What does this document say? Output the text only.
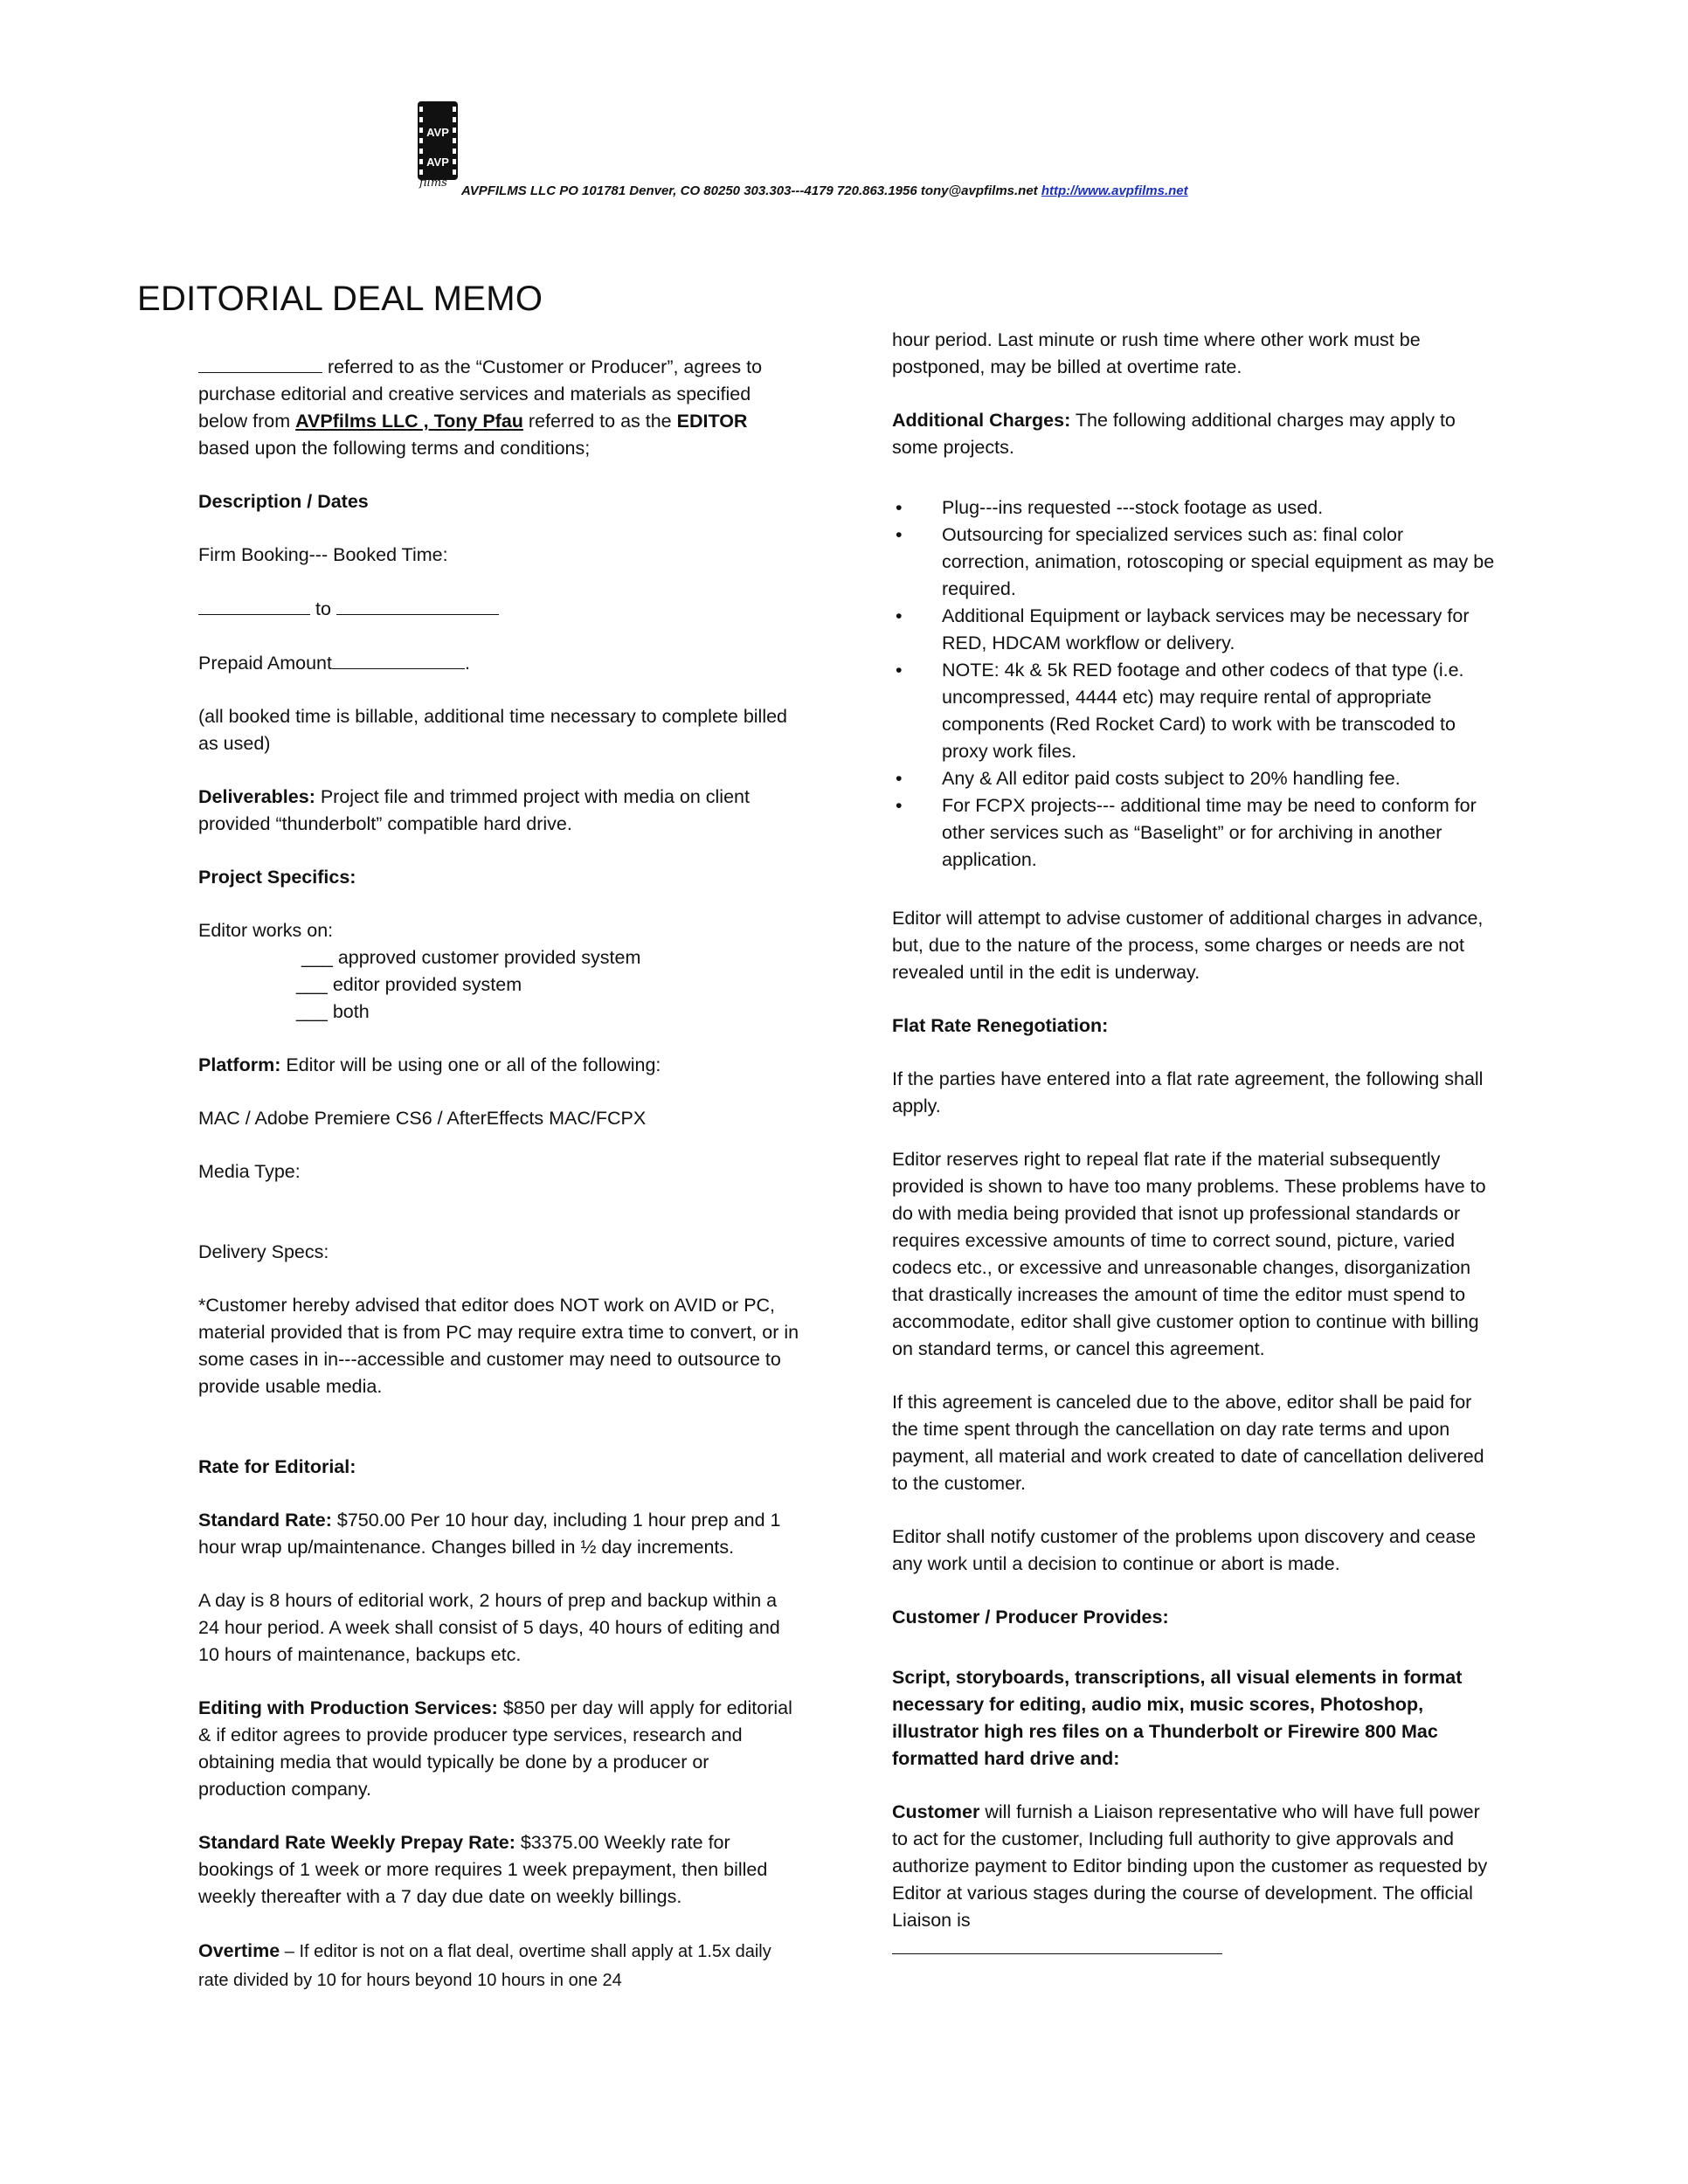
AVP
AVP
films
AVPFILMS LLC PO 101781 Denver, CO 80250 303.303---4179 720.863.1956 tony@avpfilms.net http://www.avpfilms.net
EDITORIAL DEAL MEMO

referred to as the “Customer or Producer”, agrees to purchase editorial and creative services and materials as specified below from AVPfilms LLC , Tony Pfau referred to as the EDITOR based upon the following terms and conditions;

Description / Dates

Firm Booking--- Booked Time:

to

Prepaid Amount	.

(all booked time is billable, additional time necessary to complete billed as used)

Deliverables: Project file and trimmed project with media on client provided “thunderbolt” compatible hard drive.

Project Specifics:

Editor works on:

___ approved customer provided system
___ editor provided system

___ both

Platform: Editor will be using one or all of the following:

MAC / Adobe Premiere CS6 / AfterEffects MAC/FCPX

Media Type:

Delivery Specs:

*Customer hereby advised that editor does NOT work on AVID or PC, material provided that is from PC may require extra time to convert, or in some cases in in---accessible and customer may need to outsource to provide usable media.

Rate for Editorial:

Standard Rate: $750.00 Per 10 hour day, including 1 hour prep and 1 hour wrap up/maintenance. Changes billed in ½ day increments.

A day is 8 hours of editorial work, 2 hours of prep and backup within a 24 hour period. A week shall consist of 5 days, 40 hours of editing and 10 hours of maintenance, backups etc.

Editing with Production Services: $850 per day will apply for editorial & if editor agrees to provide producer type services, research and obtaining media that would typically be done by a producer or production company.

Standard Rate Weekly Prepay Rate: $3375.00 Weekly rate for bookings of 1 week or more requires 1 week prepayment, then billed weekly thereafter with a 7 day due date on weekly billings.

Overtime – If editor is not on a flat deal, overtime shall apply at 1.5x daily rate divided by 10 for hours beyond 10 hours in one 24

hour period. Last minute or rush time where other work must be postponed, may be billed at overtime rate.

Additional Charges: The following additional charges may apply to some projects.

• Plug---ins requested ---stock footage as used.
• Outsourcing for specialized services such as: final color correction, animation, rotoscoping or special equipment as may be required.
• Additional Equipment or layback services may be necessary for RED, HDCAM workflow or delivery.
• NOTE: 4k & 5k RED footage and other codecs of that type (i.e. uncompressed, 4444 etc) may require rental of appropriate components (Red Rocket Card) to work with be transcoded to proxy work files.
• Any & All editor paid costs subject to 20% handling fee.
• For FCPX projects--- additional time may be need to conform for other services such as “Baselight” or for archiving in another application.

Editor will attempt to advise customer of additional charges in advance, but, due to the nature of the process, some charges or needs are not revealed until in the edit is underway.

Flat Rate Renegotiation:

If the parties have entered into a flat rate agreement, the following shall apply.

Editor reserves right to repeal flat rate if the material subsequently provided is shown to have too many problems. These problems have to do with media being provided that isnot up professional standards or requires excessive amounts of time to correct sound, picture, varied codecs etc., or excessive and unreasonable changes, disorganization that drastically increases the amount of time the editor must spend to accommodate, editor shall give customer option to continue with billing on standard terms, or cancel this agreement.

If this agreement is canceled due to the above, editor shall be paid for the time spent through the cancellation on day rate terms and upon payment, all material and work created to date of cancellation delivered to the customer.

Editor shall notify customer of the problems upon discovery and cease any work until a decision to continue or abort is made.

Customer / Producer Provides:

Script, storyboards, transcriptions, all visual elements in format necessary for editing, audio mix, music scores, Photoshop, illustrator high res files on a Thunderbolt or Firewire 800 Mac formatted hard drive and:

Customer will furnish a Liaison representative who will have full power to act for the customer, Including full authority to give approvals and authorize payment to Editor binding upon the customer as requested by Editor at various stages during the course of development. The official Liaison is
